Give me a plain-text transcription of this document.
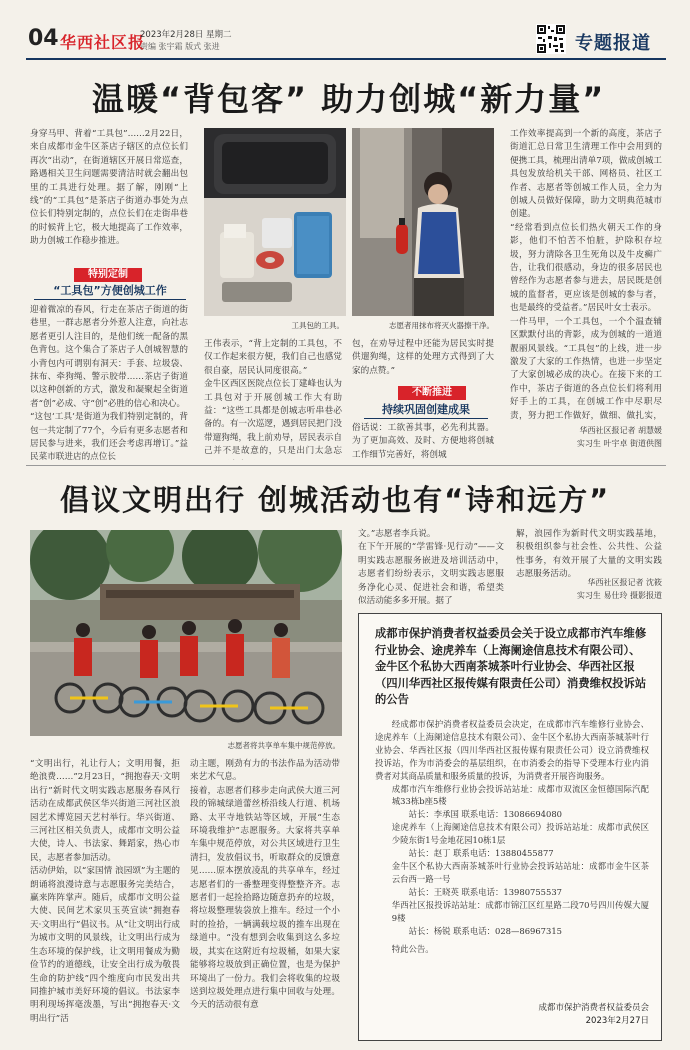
04 华西社区报
2023年2月28日 星期二
责编 张宇霜 版式 张进	专题报道
温暖“背包客” 助力创城“新力量”
身穿马甲、背着“工具包”……2月22日，来自成都市金牛区茶店子辖区的点位长们再次“出动”，在街道辖区开展日常巡查，路遇相关卫生问题需要清洁时就会翻出包里的工具进行处理。据了解，刚刚“上线”的“工具包”是茶店子街道办事处为点位长们特别定制的，点位长们在走街串巷的时候背上它，极大地提高了工作效率，助力创城工作稳步推进。
特别定制
“工具包”方便创城工作
迎着微凉的春风，行走在茶店子街道的街巷里，一群志愿者分外惹人注意，向社志愿者更引人注目的，是他们统一配备的黑色背包。这个集合了茶店子人创城智慧的小背包内可谓别有洞天：手套、垃圾袋、抹布、牵狗绳、警示胶带……茶店子街道以这种创新的方式，激发和凝聚起全街道者“创”必成、守“创”必胜的信心和决心。
“这包‘工具’是街道为我们特别定制的，背包一共定制了77个，今后有更多志愿者和居民参与进来，我们还会考虑再增订。”益民菜市联进店的点位长
工具包的工具。	志愿者用抹布将灭火器擦干净。
王伟表示，“背上定制的工具包，不仅工作起来很方便，我们自己也感觉很自豪，居民认同度很高。”
金牛区西区医院点位长丁建峰也认为工具包对于开展创城工作大有助益：“这些工具都是创城志听串巷必备的。有一次巡逻，遇到居民把门没带遛狗绳，我上前劝导，居民表示自己并不是故意的，只是出门太急忘
包，在劝导过程中还能为居民实时提供遛狗绳，这样的处理方式得到了大家的点赞。”
不断推进
持续巩固创建成果
俗话说：工欲善其事，必先利其器。为了更加高效、及时、方便地将创城工作细节完善好，将创城
工作效率提高到一个新的高度，茶店子街道汇总日常卫生清理工作中会用到的便携工具，梳理出清单7项，做成创城工具包发放给机关干部、网格员、社区工作者、志愿者等创城工作人员，全力为创城人员做好保障，助力文明典范城市创建。
“经常看到点位长们热火朝天工作的身影，他们不怕苦不怕脏，护除积存垃圾，努力清除各卫生死角以及牛皮癣广告，让我们很感动，身边的很多居民也曾经作为志愿者参与进去，居民既是创城的监督者，更应该是创城的参与者，也是最终的受益者。”居民叶女士表示。
一件马甲，一个工具包，一个个温查辅区默默付出的背影，成为创城的一道道靓丽风景线。“工具包”的上线，进一步激发了大家的工作热情，也进一步坚定了大家创城必成的决心。在接下来的工作中，茶店子街道的各点位长们将利用好手上的工具，在创城工作中尽职尽责，努力把工作做好，做细、做扎实，
华西社区报记者 胡慧媛
实习生 叶宇卓 街道供图
倡议文明出行 创城活动也有“诗和远方”
志愿者将共享单车集中规范停放。
文。”志愿者李兵说。
在下午开展的“学雷锋·见行动”——文明实践志愿服务嵌进及培训活动中，志愿者们纷纷表示，文明实践志愿服务净化心灵、促进社会和谐，希望类似活动能多多开展。据了
解，浪园作为新时代文明实践基地，积极组织参与社会性、公共性、公益性事务，有效开展了大量的文明实践志愿服务活动。
华西社区报记者 沈筱
实习生 易仕玲 摄影报道
“文明出行，礼让行人；文明用餐，拒绝浪费……”2月23日，“拥抱春天·文明出行”新时代文明实践志愿服务春风行活动在成都武侯区华兴街道三河社区浪园艺术博览园天艺村举行。华兴街道、三河社区相关负责人，成都市文明公益大使，诗人、书法家、舞蹈家，热心市民，志愿者参加活动。
活动伊始，以“家国情 浪园颂”为主题的朗诵将浪漫诗意与志愿服务完美结合，赢来阵阵掌声。随后，成都市文明公益大使、民间艺术家贝玉英宣读“拥抱春天·文明出行”倡议书。从“让文明出行成为城市文明的风景线，让文明出行成为生态环境的保护线，让文明用餐成为勤俭节约的道德线，让安全出行成为敬畏生命的防护线”四个维度向市民发出共同推护城市美好环境的倡议。书法家李明利现场挥毫泼墨，写出“拥抱春天·文明出行”活
动主题，刚劲有力的书法作品为活动带来艺术气息。
接着，志愿者们移步走向武侯大道三河段的锦城绿道蕾丝桥沿线人行道、机场路、太平寺地铁站等区域，开展“生态环境我维护”志愿服务。大家将共享单车集中规范停放，对公共区域进行卫生清扫，发放倡议书，听取群众的反馈意见……原本摆放凌乱的共享单车，经过志愿者们的一番整理变得整整齐齐。志愿者们一起捡拾路边随意扔弃的垃圾，将垃圾整理装袋放上推车。经过一个小时的捡拾，一辆满载垃圾的推车出现在绿道中。“没有想到会收集到这么多垃圾，其实在这附近有垃圾桶，如果大家能够将垃圾放到正确位置，也是为保护环境出了一份力。我们会将收集的垃圾送到垃圾处理点进行集中回收与处理。今天的活动很有意
成都市保护消费者权益委员会关于设立成都市汽车维修行业协会、途虎养车（上海阑途信息技术有限公司）、金牛区个私协大西南茶城茶叶行业协会、华西社区报（四川华西社区报传媒有限责任公司）消费维权投诉站的公告

经成都市保护消费者权益委员会决定，在成都市汽车维修行业协会、途虎养车（上海阑途信息技术有限公司）、金牛区个私协大西南茶城茶叶行业协会、华西社区报（四川华西社区报传媒有限责任公司）设立消费维权投诉站，作为市消委会的基层组织，在市消委会的指导下受理本行业内消费者对其商品质量和服务质量的投诉，为消费者开展咨询服务。

成都市汽车维修行业协会投诉站站址：成都市双流区金恒德国际汽配城33栋b座5楼
站长：李承国 联系电话：13086694080
途虎养车（上海阑途信息技术有限公司）投诉站站址：成都市武侯区少陵东街1号金地花园10栋1层
站长：赵丁 联系电话：13880455877
金牛区个私协大西南茶城茶叶行业协会投诉站站址：成都市金牛区茶云台西一路一号
站长：王晓英 联系电话：13980755537
华西社区报投诉站站址：成都市锦江区红星路二段70号四川传媒大厦9楼
站长：杨锐 联系电话：028—86967315
特此公告。
成都市保护消费者权益委员会
2023年2月27日
